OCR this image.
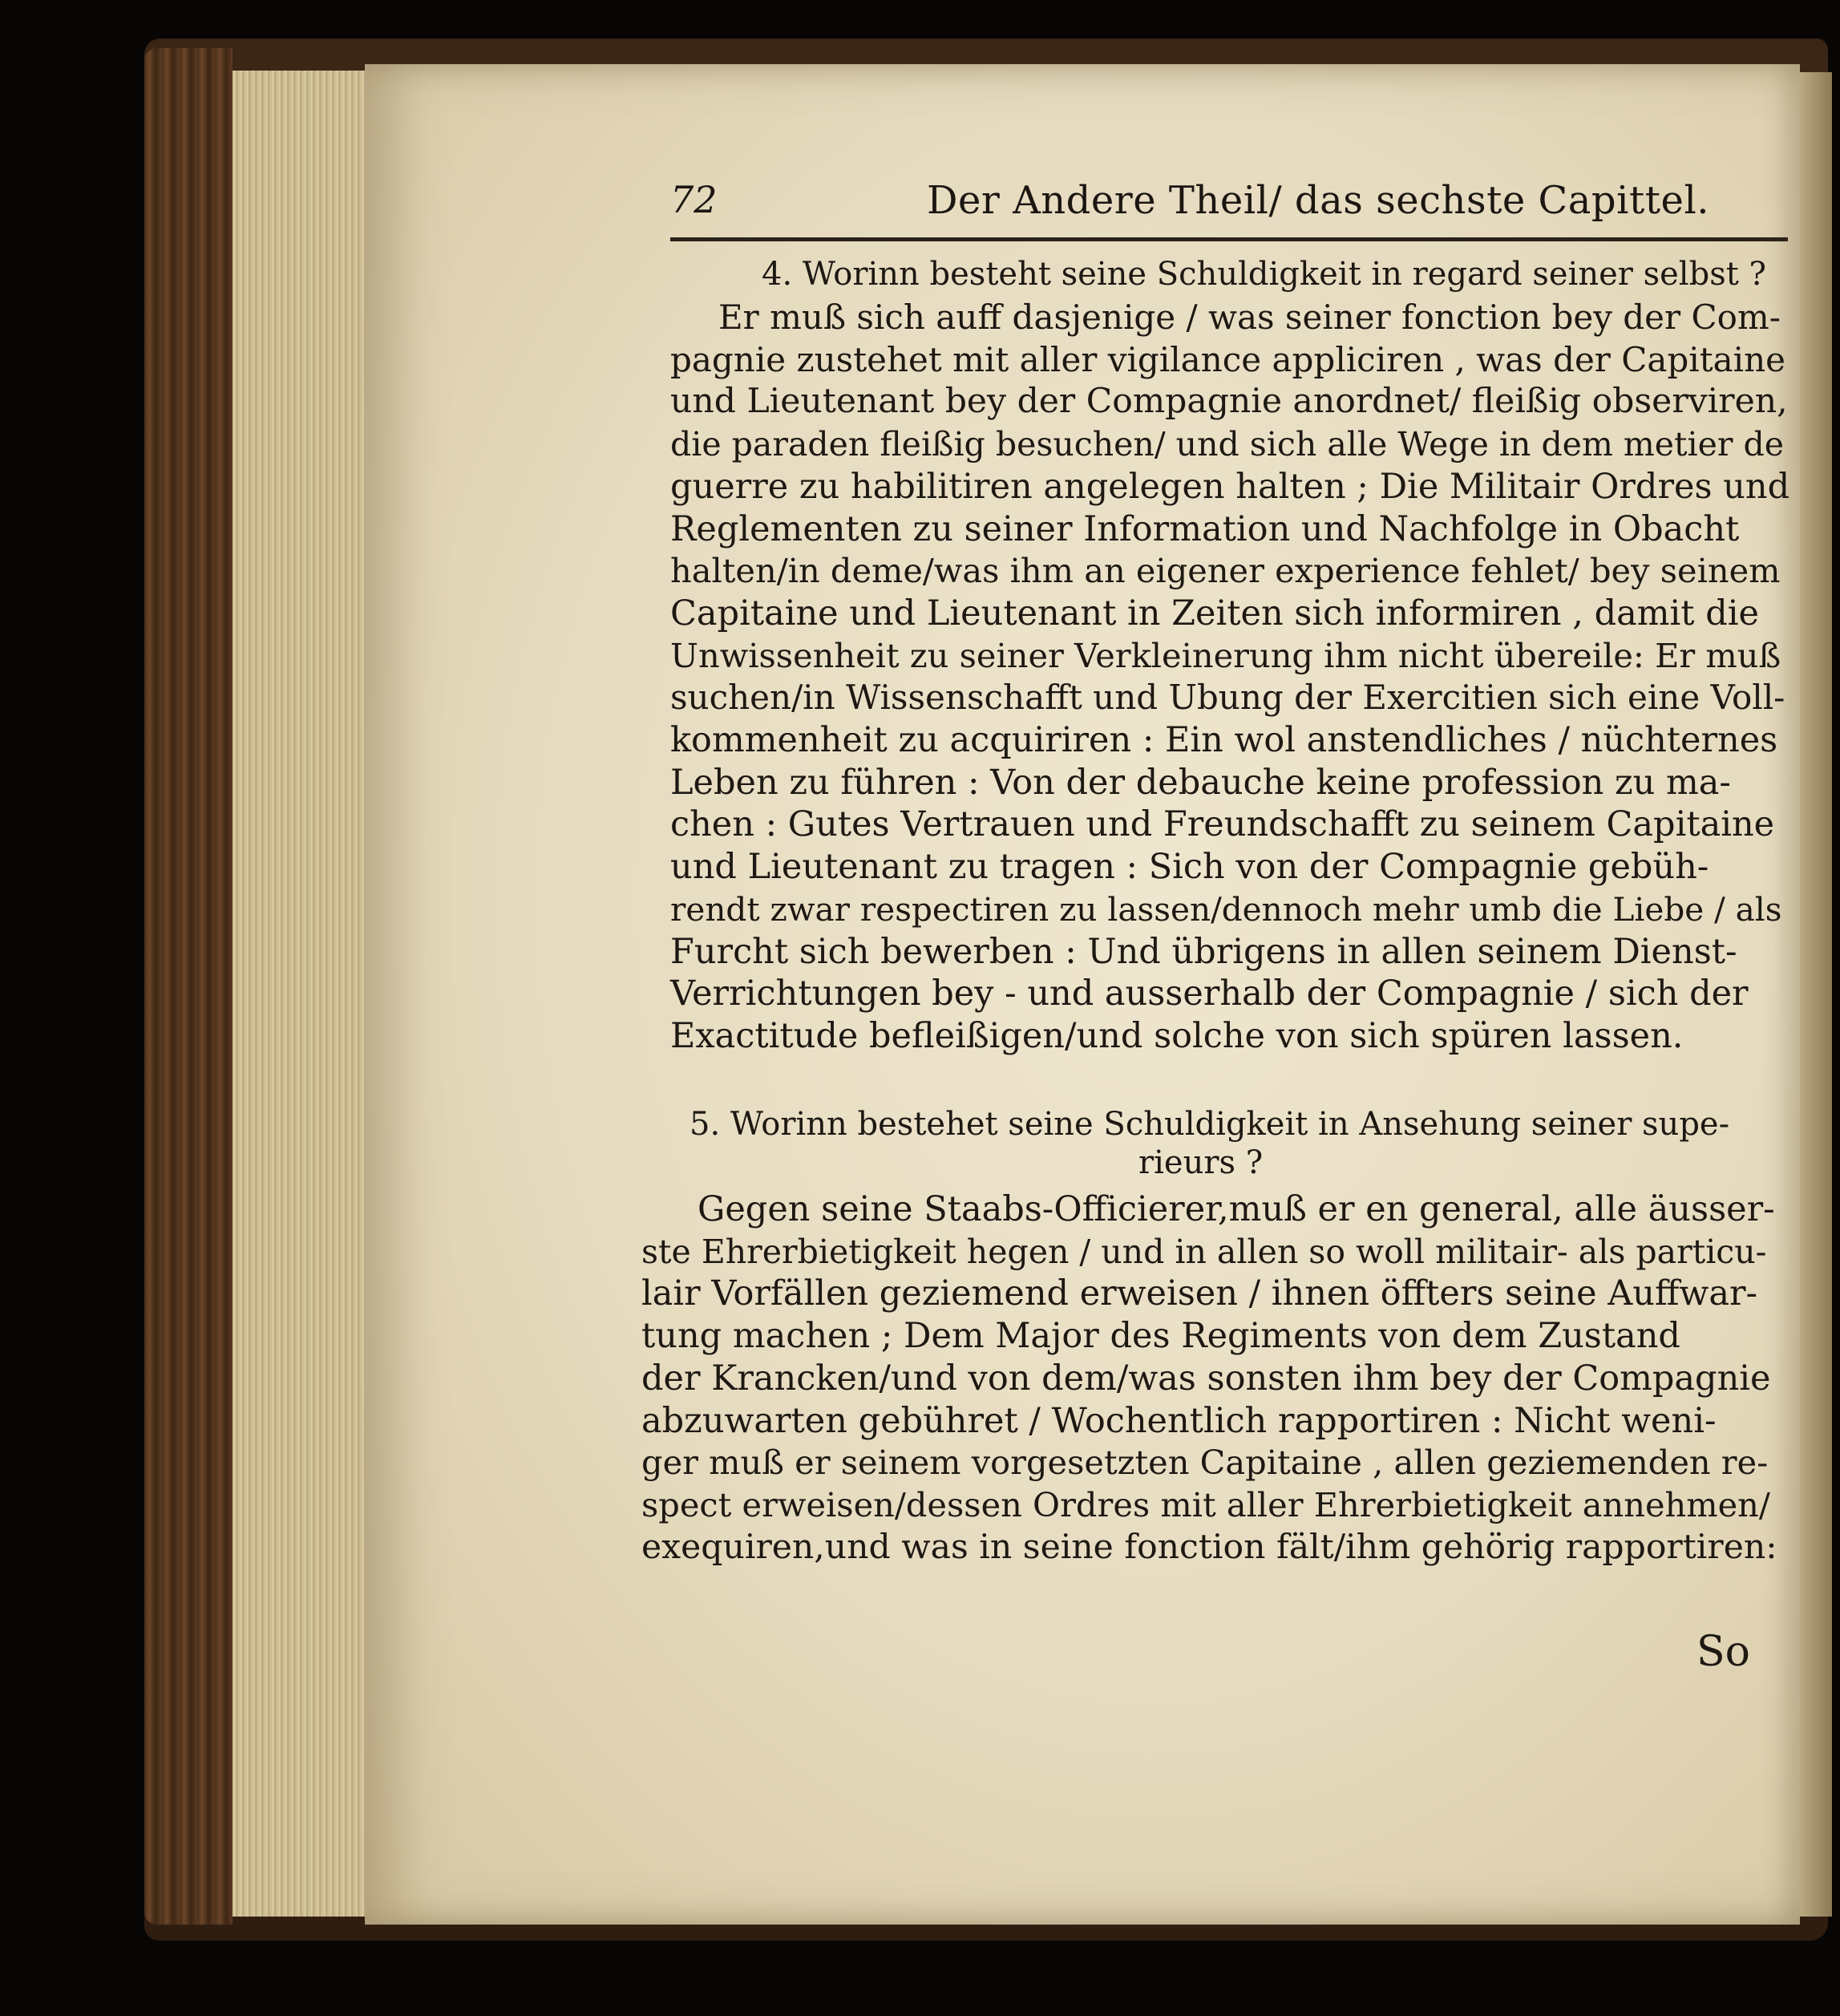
72	Der Andere Theil/ das sechste Capittel.
4. Worinn besteht seine Schuldigkeit in regard seiner selbst ?
Er muß sich auff dasjenige / was seiner fonction bey der Com-
pagnie zustehet mit aller vigilance appliciren , was der Capitaine
und Lieutenant bey der Compagnie anordnet/ fleißig observiren,
die paraden fleißig besuchen/ und sich alle Wege in dem metier de
guerre zu habilitiren angelegen halten ; Die Militair Ordres und
Reglementen zu seiner Information und Nachfolge in Obacht
halten/in deme/was ihm an eigener experience fehlet/ bey seinem
Capitaine und Lieutenant in Zeiten sich informiren , damit die
Unwissenheit zu seiner Verkleinerung ihm nicht übereile: Er muß
suchen/in Wissenschafft und Ubung der Exercitien sich eine Voll-
kommenheit zu acquiriren : Ein wol anstendliches / nüchternes
Leben zu führen : Von der debauche keine profession zu ma-
chen : Gutes Vertrauen und Freundschafft zu seinem Capitaine
und Lieutenant zu tragen : Sich von der Compagnie gebüh-
rendt zwar respectiren zu lassen/dennoch mehr umb die Liebe / als
Furcht sich bewerben : Und übrigens in allen seinem Dienst-
Verrichtungen bey - und ausserhalb der Compagnie / sich der
Exactitude befleißigen/und solche von sich spüren lassen.
5. Worinn bestehet seine Schuldigkeit in Ansehung seiner supe-
rieurs ?
Gegen seine Staabs-Officierer,muß er en general, alle äusser-
ste Ehrerbietigkeit hegen / und in allen so woll militair- als particu-
lair Vorfällen geziemend erweisen / ihnen öffters seine Auffwar-
tung machen ; Dem Major des Regiments von dem Zustand
der Krancken/und von dem/was sonsten ihm bey der Compagnie
abzuwarten gebühret / Wochentlich rapportiren : Nicht weni-
ger muß er seinem vorgesetzten Capitaine , allen geziemenden re-
spect erweisen/dessen Ordres mit aller Ehrerbietigkeit annehmen/
exequiren,und was in seine fonction fält/ihm gehörig rapportiren:
So
